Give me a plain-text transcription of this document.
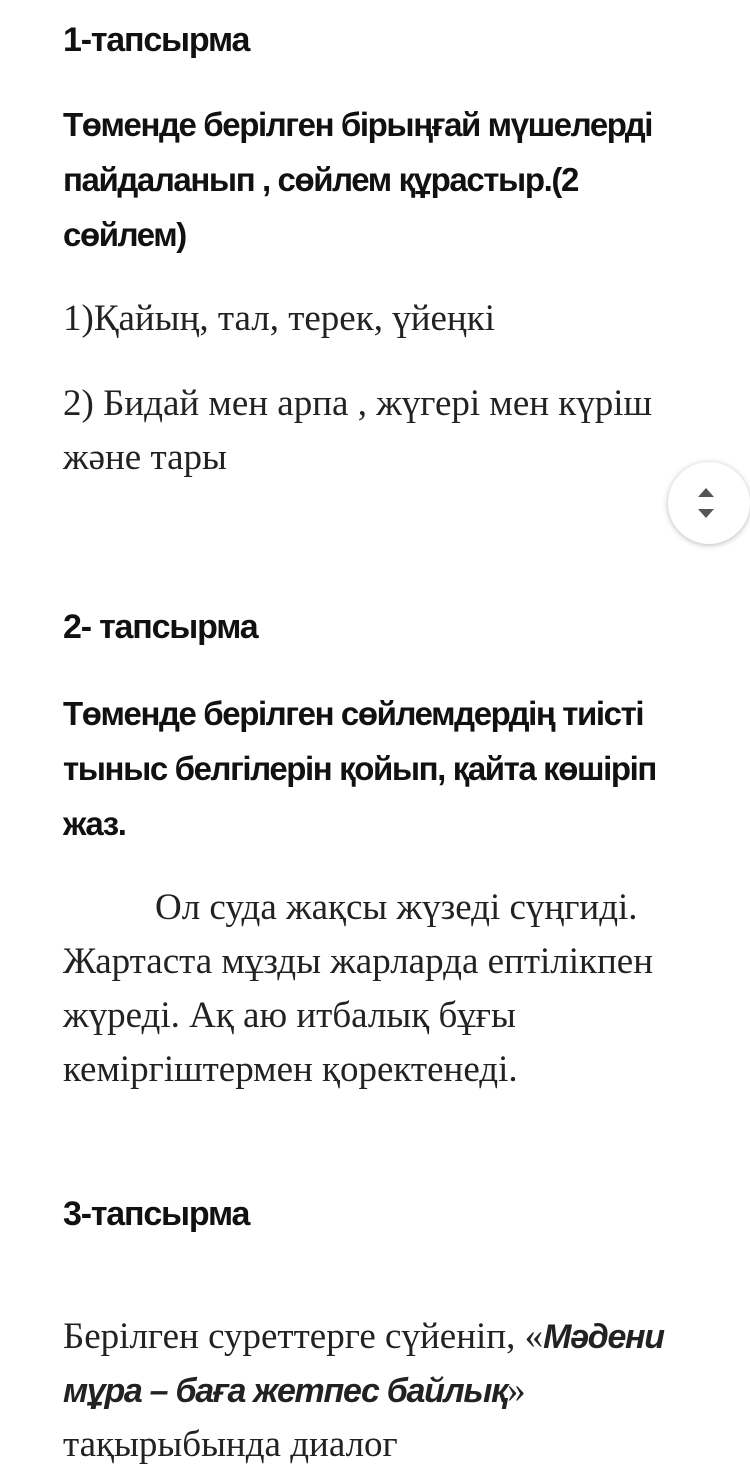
1-тапсырма

Төменде берілген бірыңғай мүшелерді пайдаланып , сөйлем құрастыр.(2 сөйлем)

1)Қайың, тал, терек, үйеңкі

2) Бидай мен арпа , жүгері мен күріш және тары

2- тапсырма

Төменде берілген сөйлемдердің тиісті тыныс белгілерін қойып, қайта көшіріп жаз.

Ол суда жақсы жүзеді сүңгиді. Жартаста мұзды жарларда ептілікпен жүреді. Ақ аю итбалық бұғы кеміргіштермен қоректенеді.

3-тапсырма

Берілген суреттерге сүйеніп, «Мәдени мұра – баға жетпес байлық» тақырыбында диалог
